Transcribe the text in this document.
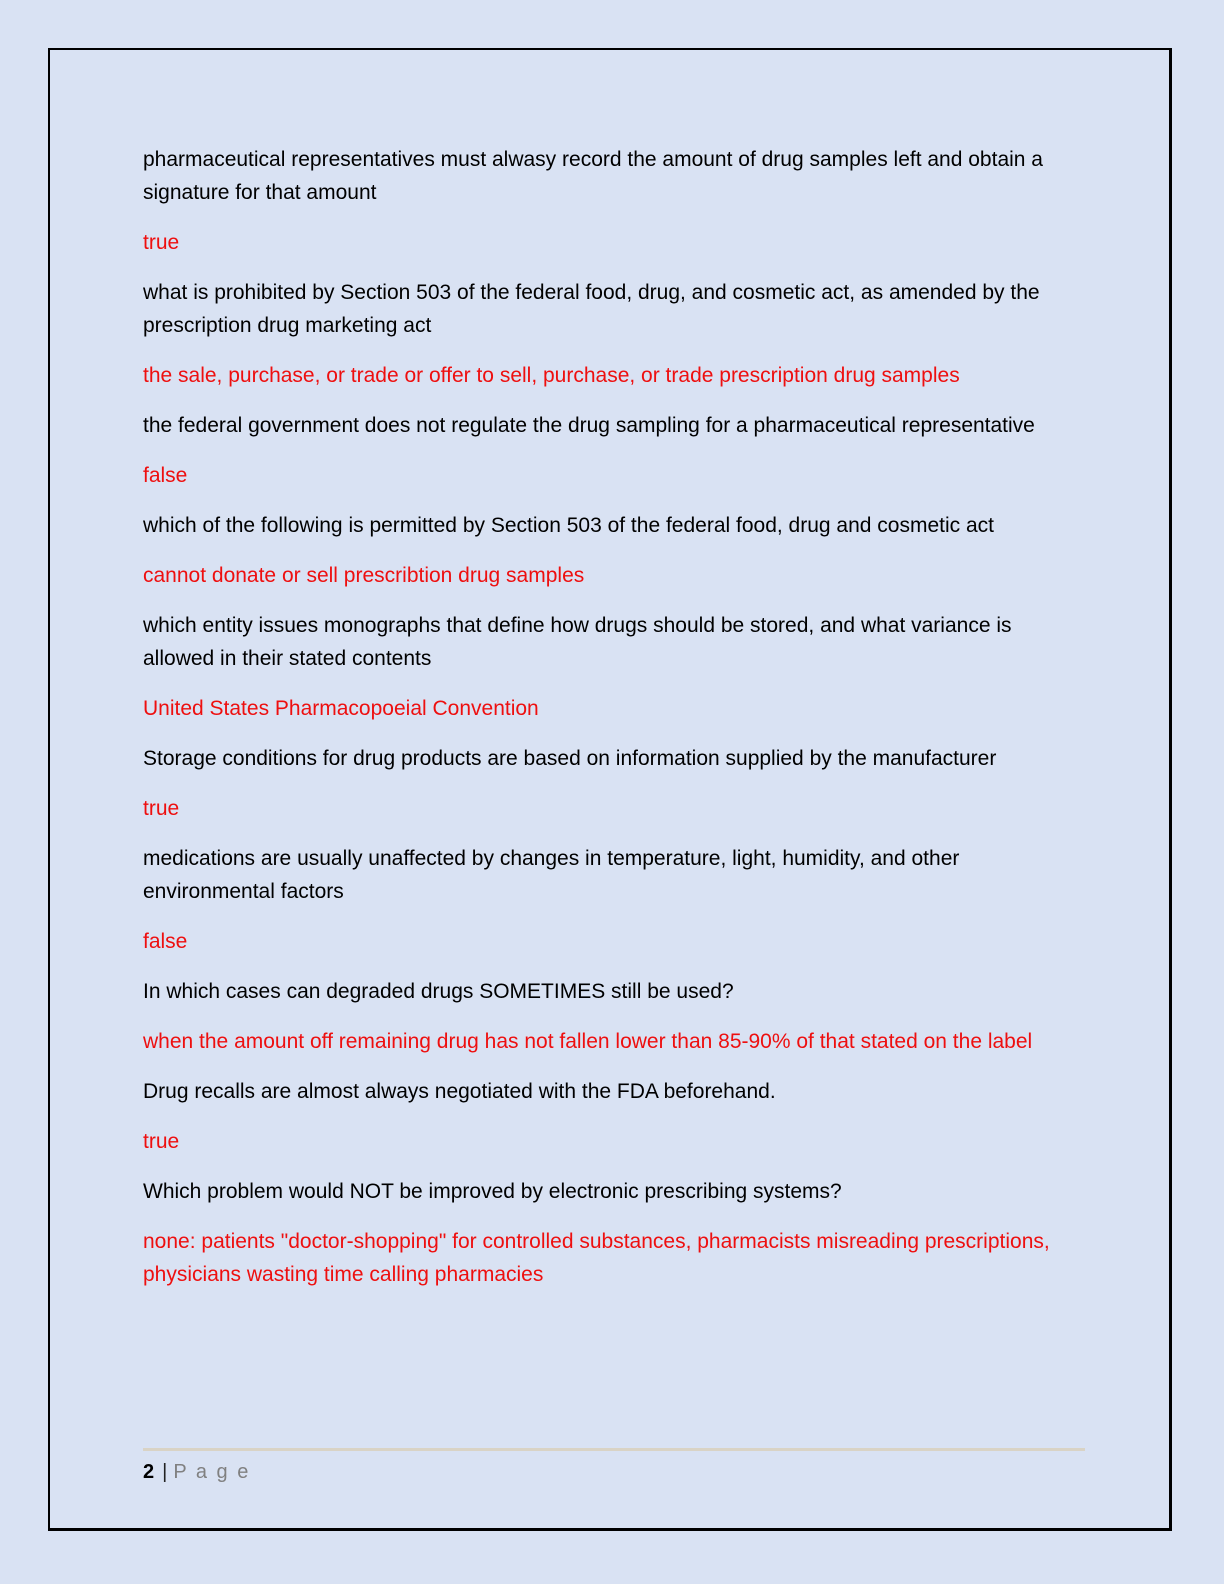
pharmaceutical representatives must alwasy record the amount of drug samples left and obtain a signature for that amount

true

what is prohibited by Section 503 of the federal food, drug, and cosmetic act, as amended by the prescription drug marketing act

the sale, purchase, or trade or offer to sell, purchase, or trade prescription drug samples

the federal government does not regulate the drug sampling for a pharmaceutical representative

false

which of the following is permitted by Section 503 of the federal food, drug and cosmetic act

cannot donate or sell prescribtion drug samples

which entity issues monographs that define how drugs should be stored, and what variance is allowed in their stated contents

United States Pharmacopoeial Convention

Storage conditions for drug products are based on information supplied by the manufacturer

true

medications are usually unaffected by changes in temperature, light, humidity, and other environmental factors

false

In which cases can degraded drugs SOMETIMES still be used?

when the amount off remaining drug has not fallen lower than 85-90% of that stated on the label

Drug recalls are almost always negotiated with the FDA beforehand.

true

Which problem would NOT be improved by electronic prescribing systems?

none: patients "doctor-shopping" for controlled substances, pharmacists misreading prescriptions, physicians wasting time calling pharmacies

2 | P a g e
